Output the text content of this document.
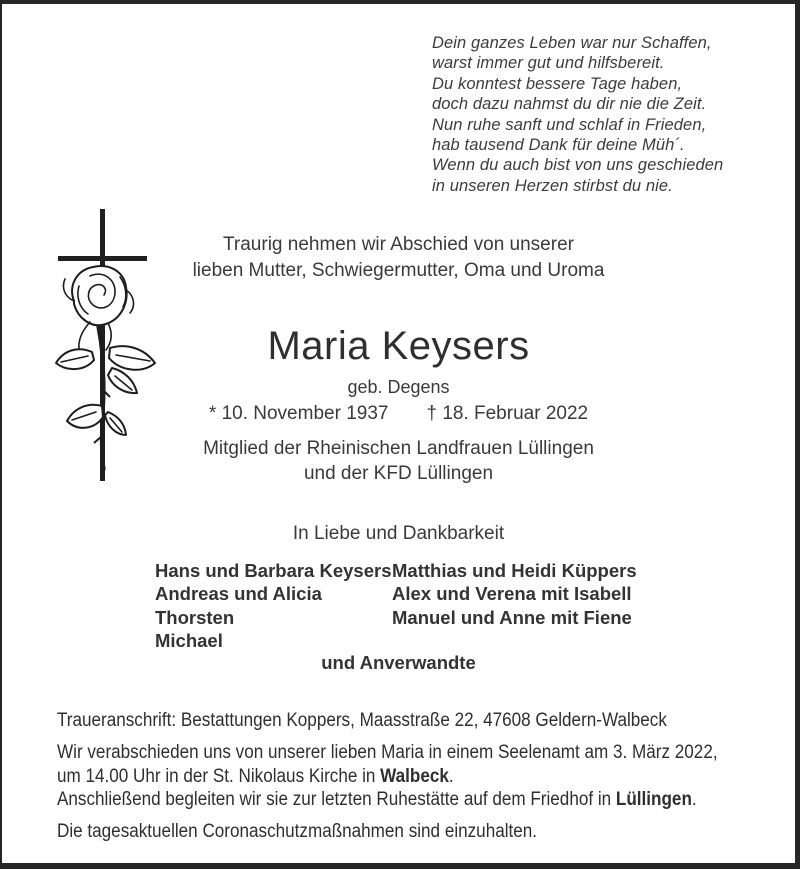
Dein ganzes Leben war nur Schaffen,
warst immer gut und hilfsbereit.
Du konntest bessere Tage haben,
doch dazu nahmst du dir nie die Zeit.
Nun ruhe sanft und schlaf in Frieden,
hab tausend Dank für deine Müh´.
Wenn du auch bist von uns geschieden
in unseren Herzen stirbst du nie.
Traurig nehmen wir Abschied von unserer
lieben Mutter, Schwiegermutter, Oma und Uroma
Maria Keysers
geb. Degens
* 10. November 1937 † 18. Februar 2022
Mitglied der Rheinischen Landfrauen Lüllingen
und der KFD Lüllingen
In Liebe und Dankbarkeit
Hans und Barbara Keysers
Andreas und Alicia
Thorsten
Michael
Matthias und Heidi Küppers
Alex und Verena mit Isabell
Manuel und Anne mit Fiene
und Anverwandte
Traueranschrift: Bestattungen Koppers, Maasstraße 22, 47608 Geldern-Walbeck
Wir verabschieden uns von unserer lieben Maria in einem Seelenamt am 3. März 2022,
um 14.00 Uhr in der St. Nikolaus Kirche in Walbeck.
Anschließend begleiten wir sie zur letzten Ruhestätte auf dem Friedhof in Lüllingen.
Die tagesaktuellen Coronaschutzmaßnahmen sind einzuhalten.
